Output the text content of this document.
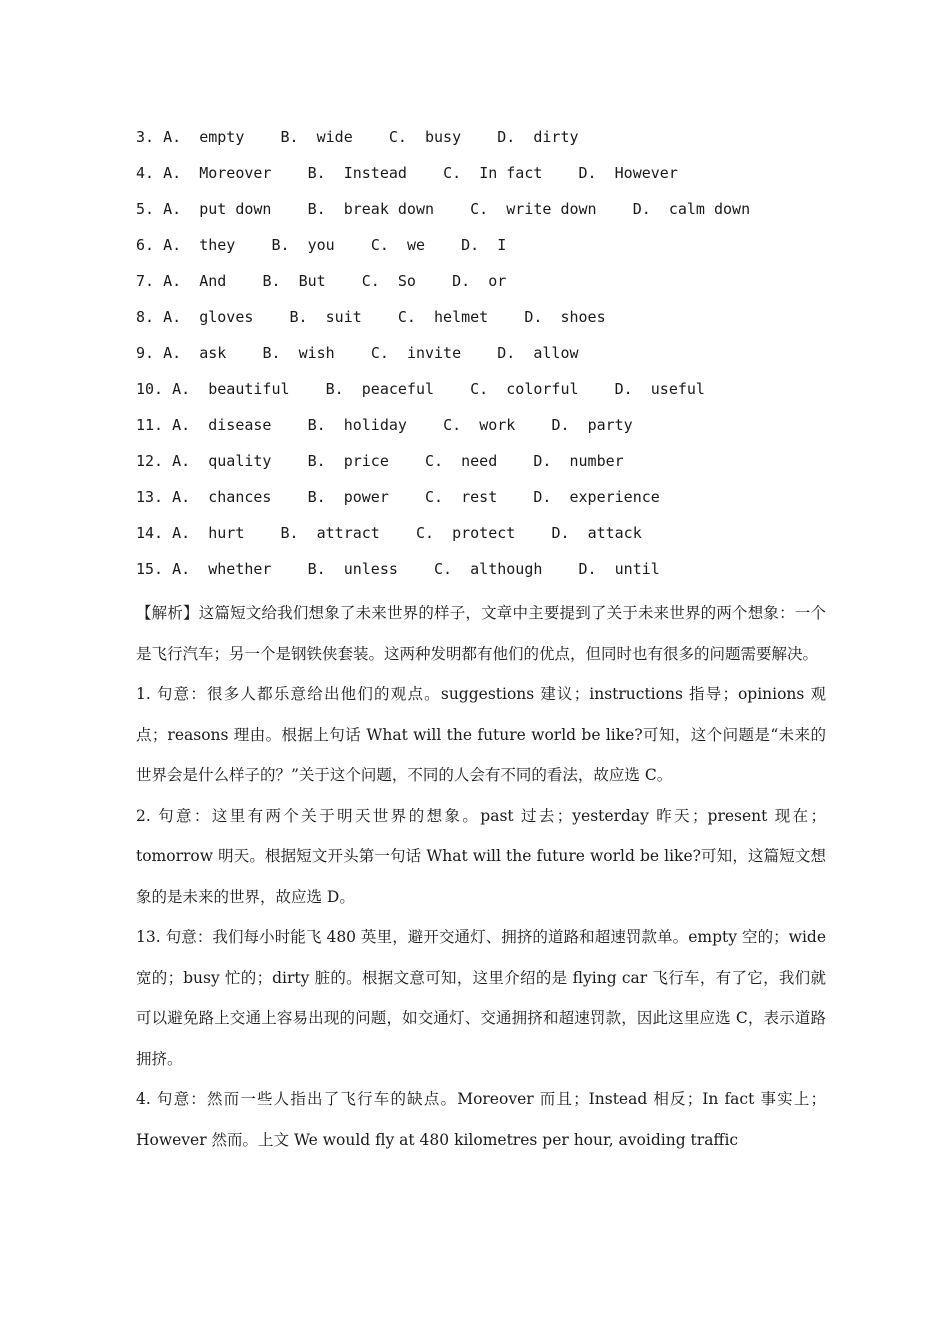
3. A.
empty
B.
wide
C.
busy
D.
dirty
4. A.
Moreover
B.
Instead
C.
In fact
D.
However
5. A.
put down
B.
break down
C.
write down
D.
calm down
6. A.
they
B.
you
C.
we
D.
I
7. A.
And
B.
But
C.
So
D.
or
8. A.
gloves
B.
suit
C.
helmet
D.
shoes
9. A.
ask
B.
wish
C.
invite
D.
allow
10. A.
beautiful
B.
peaceful
C.
colorful
D.
useful
11. A.
disease
B.
holiday
C.
work
D.
party
12. A.
quality
B.
price
C.
need
D.
number
13. A.
chances
B.
power
C.
rest
D.
experience
14. A.
hurt
B.
attract
C.
protect
D.
attack
15. A.
whether
B.
unless
C.
although
D.
until

【解析】这篇短文给我们想象了未来世界的样子，文章中主要提到了关于未来世界的两个想象：一个是飞行汽车；另一个是钢铁侠套装。这两种发明都有他们的优点，但同时也有很多的问题需要解决。

1. 句意：很多人都乐意给出他们的观点。suggestions 建议；instructions 指导；opinions 观点；reasons 理由。根据上句话 What will the future world be like?可知，这个问题是“未来的世界会是什么样子的？”关于这个问题，不同的人会有不同的看法，故应选 C。

2. 句意：这里有两个关于明天世界的想象。past 过去；yesterday 昨天；present 现在；tomorrow 明天。根据短文开头第一句话 What will the future world be like?可知，这篇短文想象的是未来的世界，故应选 D。

13. 句意：我们每小时能飞 480 英里，避开交通灯、拥挤的道路和超速罚款单。empty 空的；wide 宽的；busy 忙的；dirty 脏的。根据文意可知，这里介绍的是 flying car 飞行车，有了它，我们就可以避免路上交通上容易出现的问题，如交通灯、交通拥挤和超速罚款，因此这里应选 C，表示道路拥挤。

4. 句意：然而一些人指出了飞行车的缺点。Moreover 而且；Instead 相反；In fact 事实上；However 然而。上文 We would fly at 480 kilometres per hour, avoiding traffic
